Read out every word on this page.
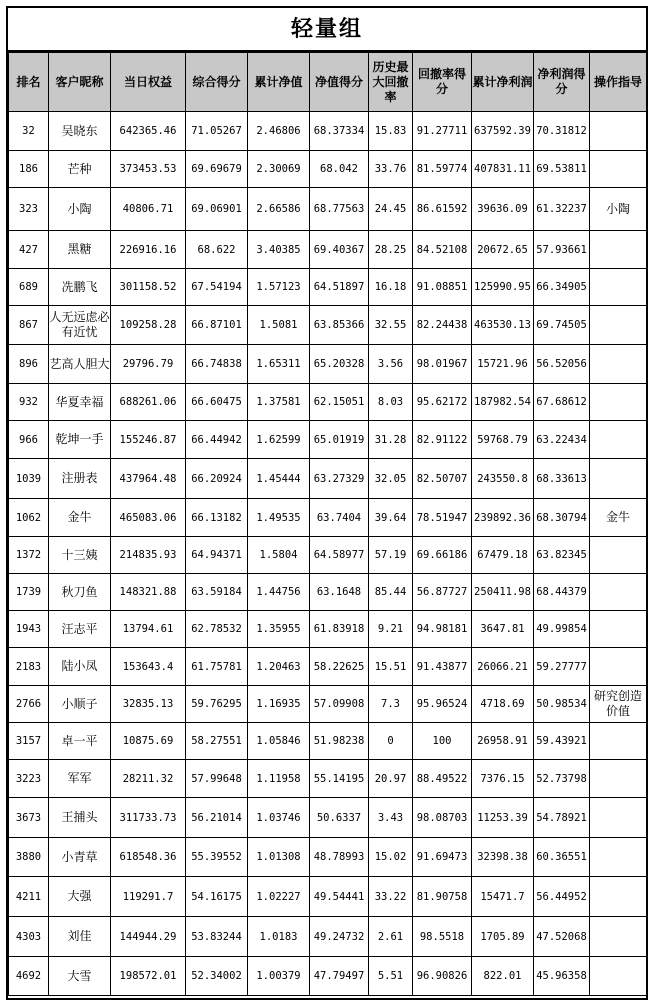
轻量组
排名	客户昵称	当日权益	综合得分	累计净值	净值得分	历史最大回撤率	回撤率得分	累计净利润	净利润得分	操作指导
32	吴晓东	642365.46	71.05267	2.46806	68.37334	15.83	91.27711	637592.39	70.31812	
186	芒种	373453.53	69.69679	2.30069	68.042	33.76	81.59774	407831.11	69.53811	
323	小陶	40806.71	69.06901	2.66586	68.77563	24.45	86.61592	39636.09	61.32237	小陶
427	黑糖	226916.16	68.622	3.40385	69.40367	28.25	84.52108	20672.65	57.93661	
689	冼鹏飞	301158.52	67.54194	1.57123	64.51897	16.18	91.08851	125990.95	66.34905	
867	人无远虑必有近忧	109258.28	66.87101	1.5081	63.85366	32.55	82.24438	463530.13	69.74505	
896	艺高人胆大	29796.79	66.74838	1.65311	65.20328	3.56	98.01967	15721.96	56.52056	
932	华夏幸福	688261.06	66.60475	1.37581	62.15051	8.03	95.62172	187982.54	67.68612	
966	乾坤一手	155246.87	66.44942	1.62599	65.01919	31.28	82.91122	59768.79	63.22434	
1039	注册表	437964.48	66.20924	1.45444	63.27329	32.05	82.50707	243550.8	68.33613	
1062	金牛	465083.06	66.13182	1.49535	63.7404	39.64	78.51947	239892.36	68.30794	金牛
1372	十三姨	214835.93	64.94371	1.5804	64.58977	57.19	69.66186	67479.18	63.82345	
1739	秋刀鱼	148321.88	63.59184	1.44756	63.1648	85.44	56.87727	250411.98	68.44379	
1943	汪志平	13794.61	62.78532	1.35955	61.83918	9.21	94.98181	3647.81	49.99854	
2183	陆小凤	153643.4	61.75781	1.20463	58.22625	15.51	91.43877	26066.21	59.27777	
2766	小顺子	32835.13	59.76295	1.16935	57.09908	7.3	95.96524	4718.69	50.98534	研究创造价值
3157	卓一平	10875.69	58.27551	1.05846	51.98238	0	100	26958.91	59.43921	
3223	军军	28211.32	57.99648	1.11958	55.14195	20.97	88.49522	7376.15	52.73798	
3673	王捕头	311733.73	56.21014	1.03746	50.6337	3.43	98.08703	11253.39	54.78921	
3880	小青草	618548.36	55.39552	1.01308	48.78993	15.02	91.69473	32398.38	60.36551	
4211	大强	119291.7	54.16175	1.02227	49.54441	33.22	81.90758	15471.7	56.44952	
4303	刘佳	144944.29	53.83244	1.0183	49.24732	2.61	98.5518	1705.89	47.52068	
4692	大雪	198572.01	52.34002	1.00379	47.79497	5.51	96.90826	822.01	45.96358	
